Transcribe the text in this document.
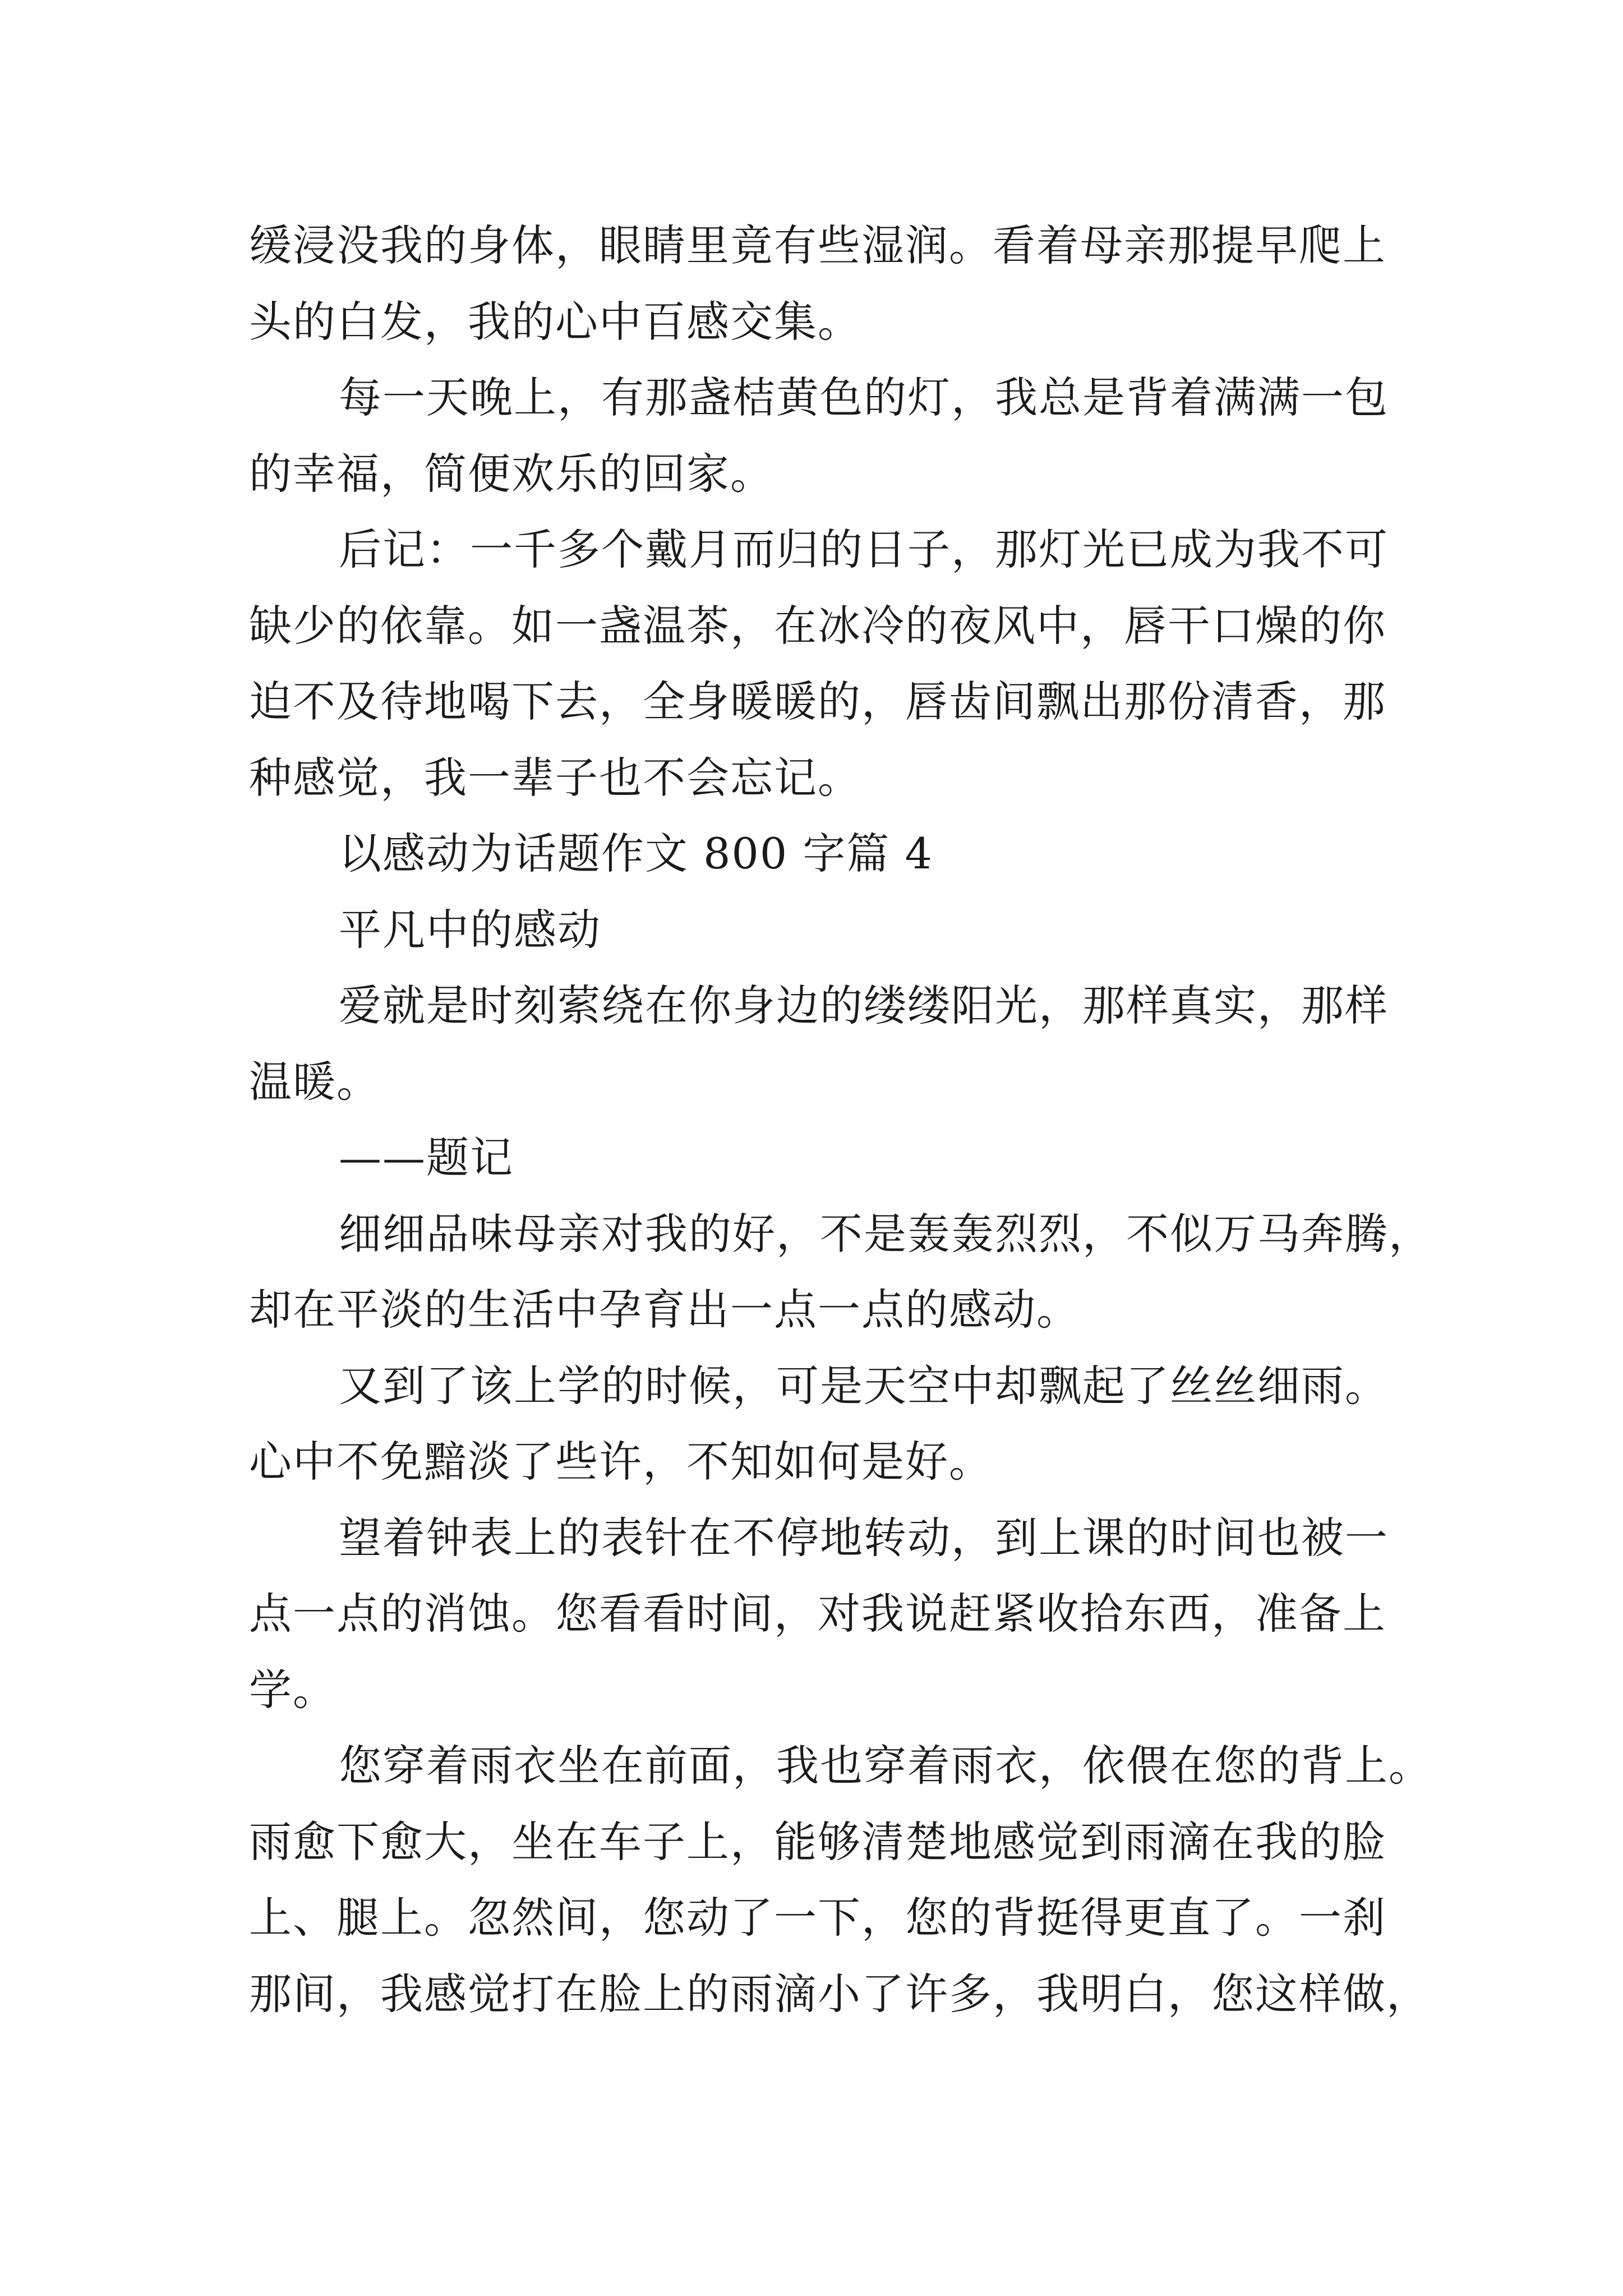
缓浸没我的身体，眼睛里竟有些湿润。看着母亲那提早爬上
头的白发，我的心中百感交集。
每一天晚上，有那盏桔黄色的灯，我总是背着满满一包
的幸福，简便欢乐的回家。
后记：一千多个戴月而归的日子，那灯光已成为我不可
缺少的依靠。如一盏温茶，在冰冷的夜风中，唇干口燥的你
迫不及待地喝下去，全身暖暖的，唇齿间飘出那份清香，那
种感觉，我一辈子也不会忘记。
以感动为话题作文 800 字篇 4
平凡中的感动
爱就是时刻萦绕在你身边的缕缕阳光，那样真实，那样
温暖。
——题记
细细品味母亲对我的好，不是轰轰烈烈，不似万马奔腾，
却在平淡的生活中孕育出一点一点的感动。
又到了该上学的时候，可是天空中却飘起了丝丝细雨。
心中不免黯淡了些许，不知如何是好。
望着钟表上的表针在不停地转动，到上课的时间也被一
点一点的消蚀。您看看时间，对我说赶紧收拾东西，准备上
学。
您穿着雨衣坐在前面，我也穿着雨衣，依偎在您的背上。
雨愈下愈大，坐在车子上，能够清楚地感觉到雨滴在我的脸
上、腿上。忽然间，您动了一下，您的背挺得更直了。一刹
那间，我感觉打在脸上的雨滴小了许多，我明白，您这样做，
